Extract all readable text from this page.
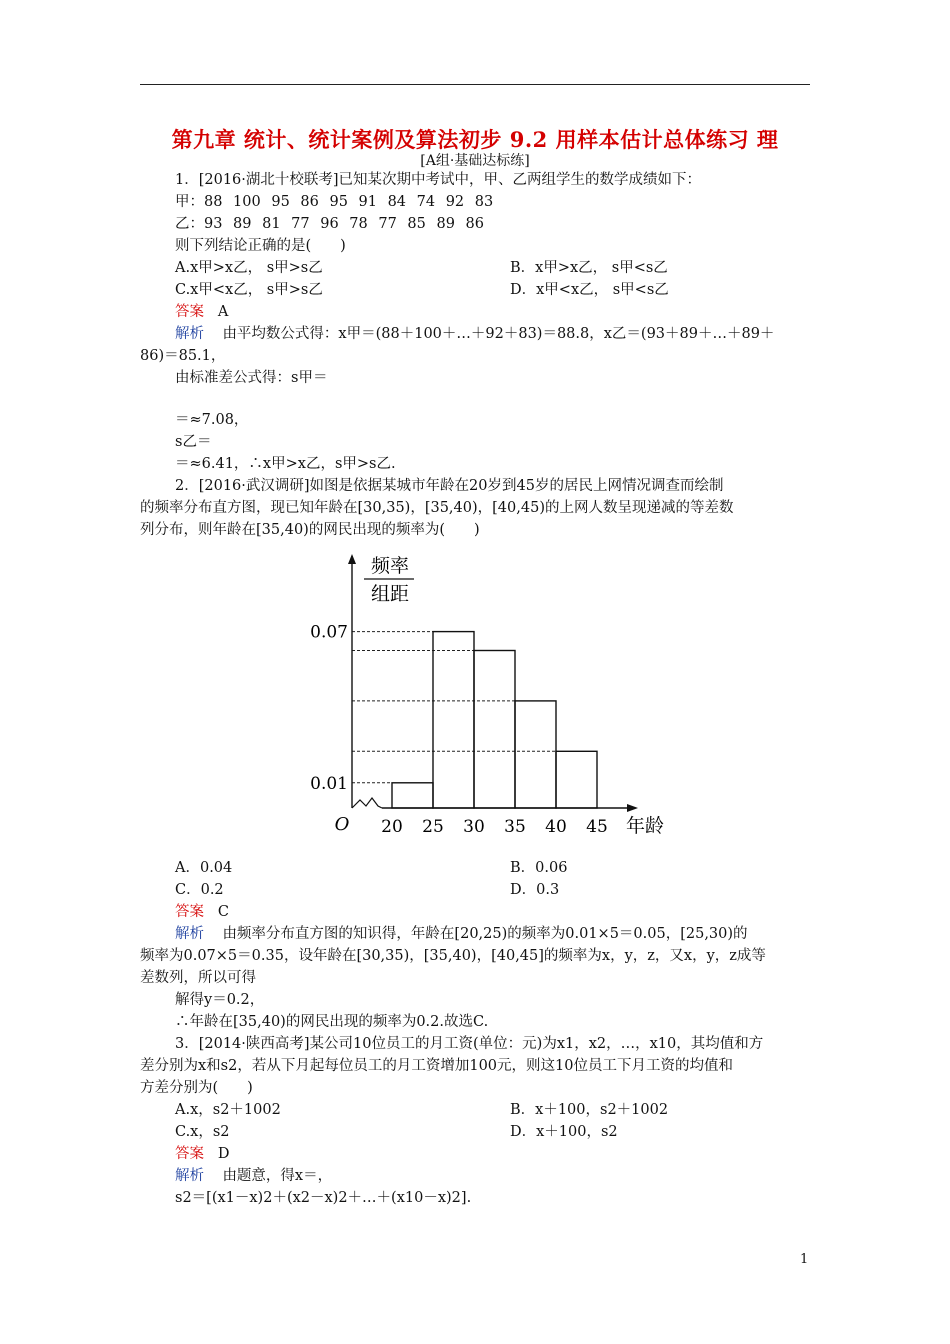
第九章 统计、统计案例及算法初步 9.2 用样本估计总体练习 理
[A组·基础达标练]
1．[2016·湖北十校联考]已知某次期中考试中，甲、乙两组学生的数学成绩如下：
甲：88 100 95 86 95 91 84 74 92 83
乙：93 89 81 77 96 78 77 85 89 86
则下列结论正确的是(　　)
A.x甲>x乙， s甲>s乙	B．x甲>x乙， s甲<s乙
C.x甲<x乙， s甲>s乙	D．x甲<x乙， s甲<s乙
答案 A
解析 由平均数公式得：x甲＝(88＋100＋…＋92＋83)＝88.8，x乙＝(93＋89＋…＋89＋
86)＝85.1，
由标准差公式得：s甲＝
＝≈7.08，
s乙＝
＝≈6.41，∴x甲>x乙，s甲>s乙.
2．[2016·武汉调研]如图是依据某城市年龄在20岁到45岁的居民上网情况调查而绘制
的频率分布直方图，现已知年龄在[30,35)，[35,40)，[40,45)的上网人数呈现递减的等差数
列分布，则年龄在[35,40)的网民出现的频率为(　　)
频率
组距
0.07
0.01
20 25 30 35 40 45
O	年龄
A．0.04	B．0.06
C．0.2	D．0.3
答案 C
解析 由频率分布直方图的知识得，年龄在[20,25)的频率为0.01×5＝0.05，[25,30)的
频率为0.07×5＝0.35，设年龄在[30,35)，[35,40)，[40,45]的频率为x，y，z，又x，y，z成等
差数列，所以可得
解得y＝0.2，
∴年龄在[35,40)的网民出现的频率为0.2.故选C.
3．[2014·陕西高考]某公司10位员工的月工资(单位：元)为x1，x2，…，x10，其均值和方
差分别为x和s2，若从下月起每位员工的月工资增加100元，则这10位员工下月工资的均值和
方差分别为(　　)
A.x，s2＋1002	B．x＋100，s2＋1002
C.x，s2	D．x＋100，s2
答案 D
解析 由题意，得x＝，
s2＝[(x1－x)2＋(x2－x)2＋…＋(x10－x)2].
1
